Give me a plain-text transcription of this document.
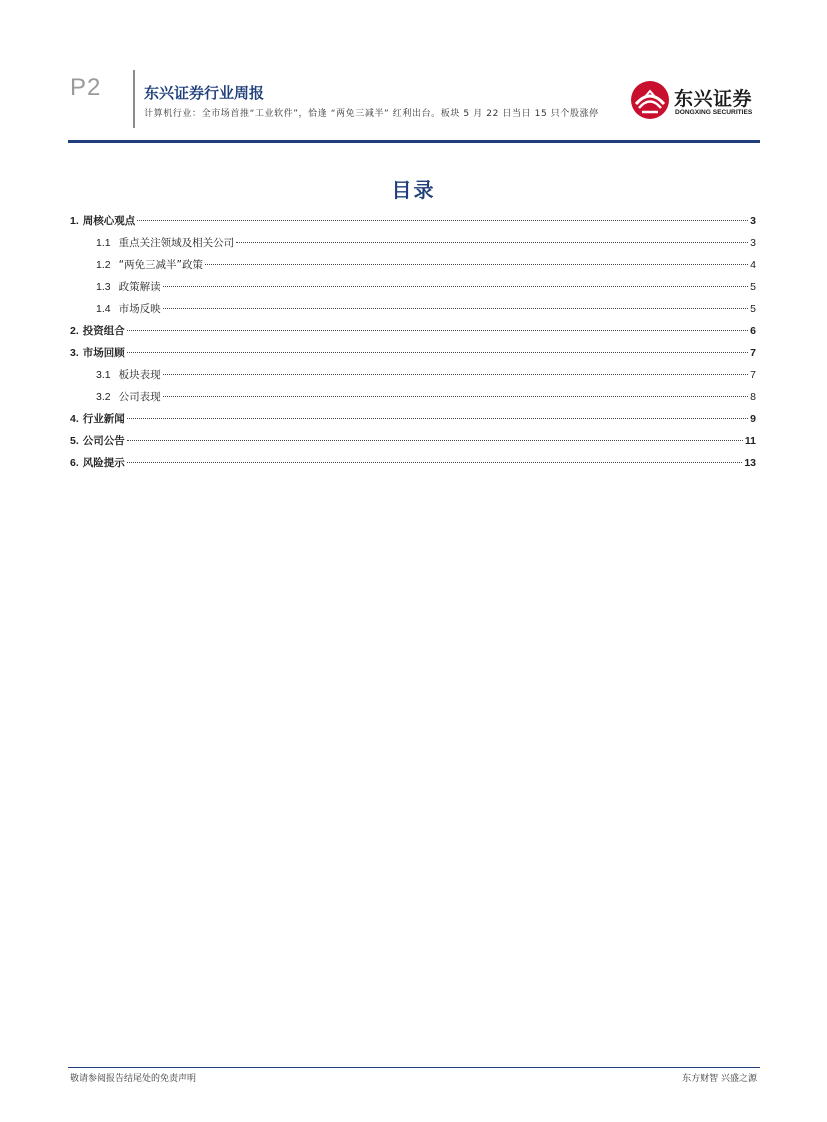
P2	东兴证券行业周报
计算机行业：全市场首推“工业软件”，恰逢 “两免三减半” 红利出台。板块 5 月 22 日当日 15 只个股涨停
东兴证券
DONGXING SECURITIES
目录
1. 周核心观点	3
1.1 重点关注领域及相关公司	3
1.2 “两免三减半”政策	4
1.3 政策解读	5
1.4 市场反映	5
2. 投资组合	6
3. 市场回顾	7
3.1 板块表现	7
3.2 公司表现	8
4. 行业新闻	9
5. 公司公告	11
6. 风险提示	13
敬请参阅报告结尾处的免责声明	东方财智 兴盛之源
